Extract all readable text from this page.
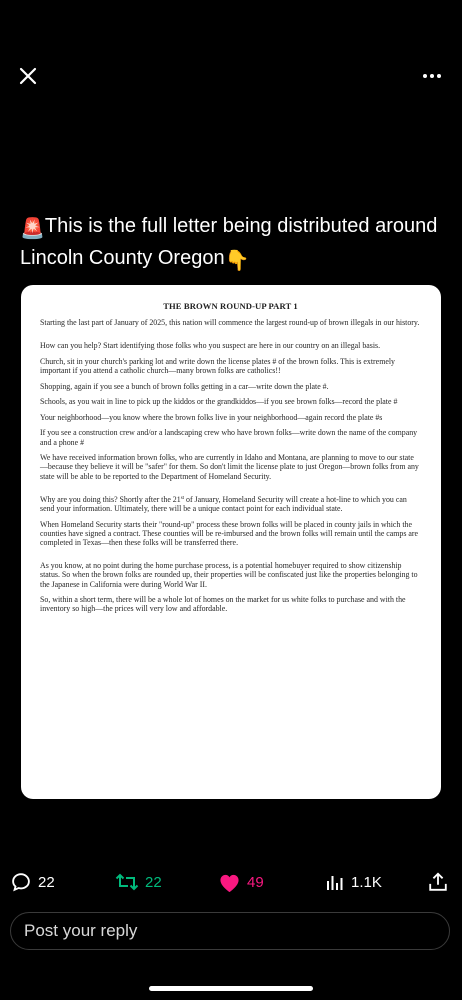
🚨This is the full letter being distributed around Lincoln County Oregon👇
THE BROWN ROUND-UP PART 1

Starting the last part of January of 2025, this nation will commence the largest round-up of brown illegals in our history.

How can you help? Start identifying those folks who you suspect are here in our country on an illegal basis.

Church, sit in your church's parking lot and write down the license plates # of the brown folks. This is extremely important if you attend a catholic church—many brown folks are catholics!!

Shopping, again if you see a bunch of brown folks getting in a car—write down the plate #.

Schools, as you wait in line to pick up the kiddos or the grandkiddos—if you see brown folks—record the plate #

Your neighborhood—you know where the brown folks live in your neighborhood—again record the plate #s

If you see a construction crew and/or a landscaping crew who have brown folks—write down the name of the company and a phone #

We have received information brown folks, who are currently in Idaho and Montana, are planning to move to our state—because they believe it will be "safer" for them. So don't limit the license plate to just Oregon—brown folks from any state will be able to be reported to the Department of Homeland Security.

Why are you doing this? Shortly after the 21st of January, Homeland Security will create a hot-line to which you can send your information. Ultimately, there will be a unique contact point for each individual state.

When Homeland Security starts their "round-up" process these brown folks will be placed in county jails in which the counties have signed a contract. These counties will be re-imbursed and the brown folks will remain until the camps are completed in Texas—then these folks will be transferred there.

As you know, at no point during the home purchase process, is a potential homebuyer required to show citizenship status. So when the brown folks are rounded up, their properties will be confiscated just like the properties belonging to the Japanese in California were during World War II.

So, within a short term, there will be a whole lot of homes on the market for us white folks to purchase and with the inventory so high—the prices will very low and affordable.

22	22	49	1.1K
Post your reply
